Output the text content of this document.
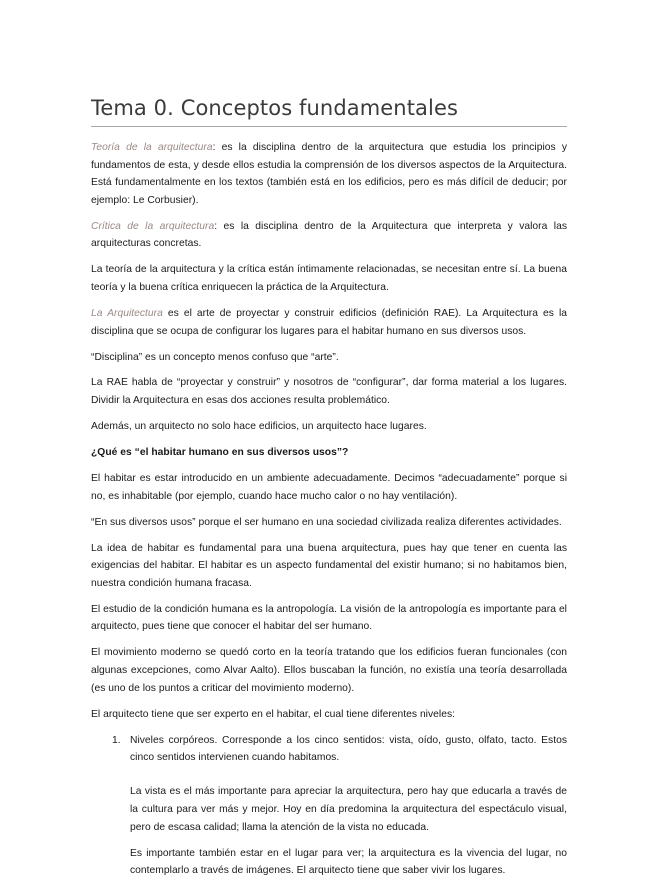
Tema 0. Conceptos fundamentales

Teoría de la arquitectura: es la disciplina dentro de la arquitectura que estudia los principios y fundamentos de esta, y desde ellos estudia la comprensión de los diversos aspectos de la Arquitectura. Está fundamentalmente en los textos (también está en los edificios, pero es más difícil de deducir; por ejemplo: Le Corbusier).

Crítica de la arquitectura: es la disciplina dentro de la Arquitectura que interpreta y valora las arquitecturas concretas.

La teoría de la arquitectura y la crítica están íntimamente relacionadas, se necesitan entre sí. La buena teoría y la buena crítica enriquecen la práctica de la Arquitectura.

La Arquitectura es el arte de proyectar y construir edificios (definición RAE). La Arquitectura es la disciplina que se ocupa de configurar los lugares para el habitar humano en sus diversos usos.

“Disciplina” es un concepto menos confuso que “arte”.

La RAE habla de “proyectar y construir” y nosotros de “configurar”, dar forma material a los lugares. Dividir la Arquitectura en esas dos acciones resulta problemático.

Además, un arquitecto no solo hace edificios, un arquitecto hace lugares.

¿Qué es “el habitar humano en sus diversos usos”?

El habitar es estar introducido en un ambiente adecuadamente. Decimos “adecuadamente” porque si no, es inhabitable (por ejemplo, cuando hace mucho calor o no hay ventilación).

“En sus diversos usos” porque el ser humano en una sociedad civilizada realiza diferentes actividades.

La idea de habitar es fundamental para una buena arquitectura, pues hay que tener en cuenta las exigencias del habitar. El habitar es un aspecto fundamental del existir humano; si no habitamos bien, nuestra condición humana fracasa.

El estudio de la condición humana es la antropología. La visión de la antropología es importante para el arquitecto, pues tiene que conocer el habitar del ser humano.

El movimiento moderno se quedó corto en la teoría tratando que los edificios fueran funcionales (con algunas excepciones, como Alvar Aalto). Ellos buscaban la función, no existía una teoría desarrollada (es uno de los puntos a criticar del movimiento moderno).

El arquitecto tiene que ser experto en el habitar, el cual tiene diferentes niveles:

1. Niveles corpóreos. Corresponde a los cinco sentidos: vista, oído, gusto, olfato, tacto. Estos cinco sentidos intervienen cuando habitamos.

La vista es el más importante para apreciar la arquitectura, pero hay que educarla a través de la cultura para ver más y mejor. Hoy en día predomina la arquitectura del espectáculo visual, pero de escasa calidad; llama la atención de la vista no educada.

Es importante también estar en el lugar para ver; la arquitectura es la vivencia del lugar, no contemplarlo a través de imágenes. El arquitecto tiene que saber vivir los lugares.
